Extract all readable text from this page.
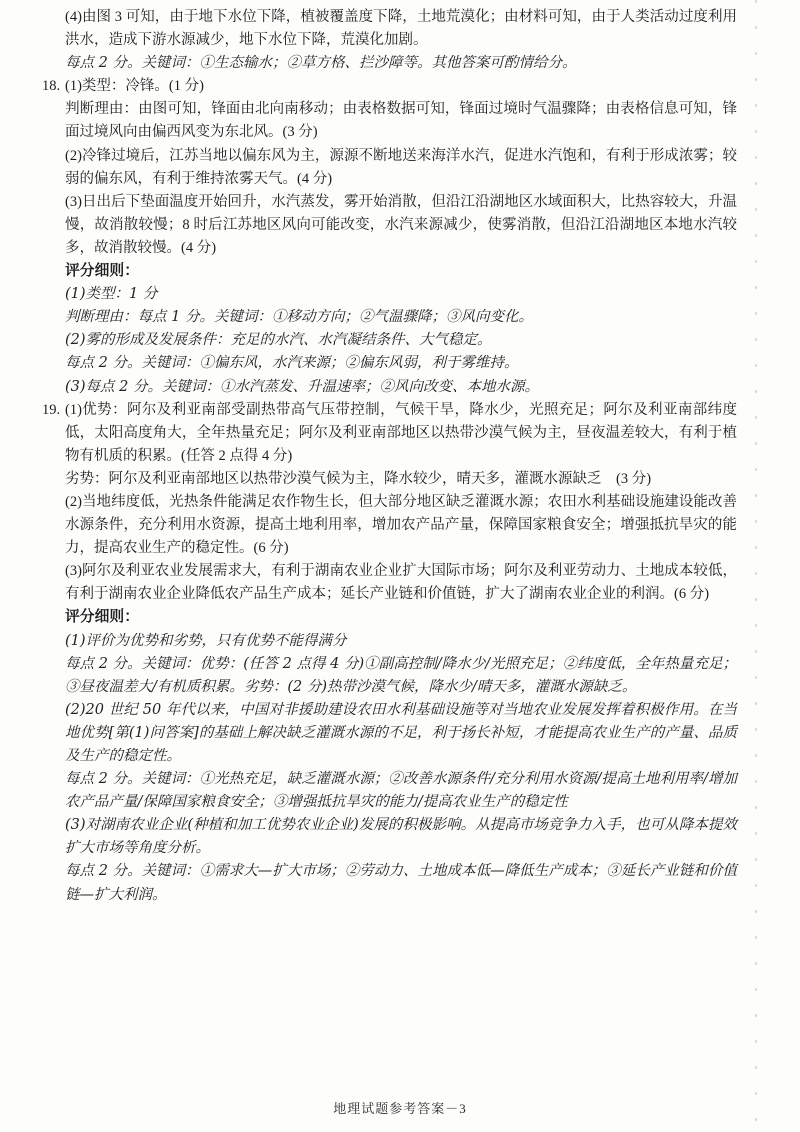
(4)由图 3 可知，由于地下水位下降，植被覆盖度下降，土地荒漠化；由材料可知，由于人类活动过度利用洪水，造成下游水源减少，地下水位下降，荒漠化加剧。

每点 2 分。关键词：①生态输水；②草方格、拦沙障等。其他答案可酌情给分。

18. (1)类型：冷锋。(1 分)

判断理由：由图可知，锋面由北向南移动；由表格数据可知，锋面过境时气温骤降；由表格信息可知，锋面过境风向由偏西风变为东北风。(3 分)

(2)冷锋过境后，江苏当地以偏东风为主，源源不断地送来海洋水汽，促进水汽饱和，有利于形成浓雾；较弱的偏东风，有利于维持浓雾天气。(4 分)

(3)日出后下垫面温度开始回升，水汽蒸发，雾开始消散，但沿江沿湖地区水域面积大，比热容较大，升温慢，故消散较慢；8 时后江苏地区风向可能改变，水汽来源减少，使雾消散，但沿江沿湖地区本地水汽较多，故消散较慢。(4 分)

评分细则：

(1)类型：1 分

判断理由：每点 1 分。关键词：①移动方向；②气温骤降；③风向变化。

(2)雾的形成及发展条件：充足的水汽、水汽凝结条件、大气稳定。

每点 2 分。关键词：①偏东风，水汽来源；②偏东风弱，利于雾维持。

(3)每点 2 分。关键词：①水汽蒸发、升温速率；②风向改变、本地水源。

19. (1)优势：阿尔及利亚南部受副热带高气压带控制，气候干旱，降水少，光照充足；阿尔及利亚南部纬度低，太阳高度角大，全年热量充足；阿尔及利亚南部地区以热带沙漠气候为主，昼夜温差较大，有利于植物有机质的积累。(任答 2 点得 4 分)

劣势：阿尔及利亚南部地区以热带沙漠气候为主，降水较少，晴天多，灌溉水源缺乏　(3 分)

(2)当地纬度低，光热条件能满足农作物生长，但大部分地区缺乏灌溉水源；农田水利基础设施建设能改善水源条件，充分利用水资源，提高土地利用率，增加农产品产量，保障国家粮食安全；增强抵抗旱灾的能力，提高农业生产的稳定性。(6 分)

(3)阿尔及利亚农业发展需求大，有利于湖南农业企业扩大国际市场；阿尔及利亚劳动力、土地成本较低，有利于湖南农业企业降低农产品生产成本；延长产业链和价值链，扩大了湖南农业企业的利润。(6 分)

评分细则：

(1)评价为优势和劣势，只有优势不能得满分

每点 2 分。关键词：优势：(任答 2 点得 4 分)①副高控制/降水少/光照充足；②纬度低，全年热量充足；③昼夜温差大/有机质积累。劣势：(2 分)热带沙漠气候，降水少/晴天多，灌溉水源缺乏。

(2)20 世纪 50 年代以来，中国对非援助建设农田水利基础设施等对当地农业发展发挥着积极作用。在当地优势[第(1)问答案]的基础上解决缺乏灌溉水源的不足，利于扬长补短，才能提高农业生产的产量、品质及生产的稳定性。

每点 2 分。关键词：①光热充足，缺乏灌溉水源；②改善水源条件/充分利用水资源/提高土地利用率/增加农产品产量/保障国家粮食安全；③增强抵抗旱灾的能力/提高农业生产的稳定性

(3)对湖南农业企业(种植和加工优势农业企业)发展的积极影响。从提高市场竞争力入手，也可从降本提效扩大市场等角度分析。

每点 2 分。关键词：①需求大—扩大市场；②劳动力、土地成本低—降低生产成本；③延长产业链和价值链—扩大利润。

地理试题参考答案－3
